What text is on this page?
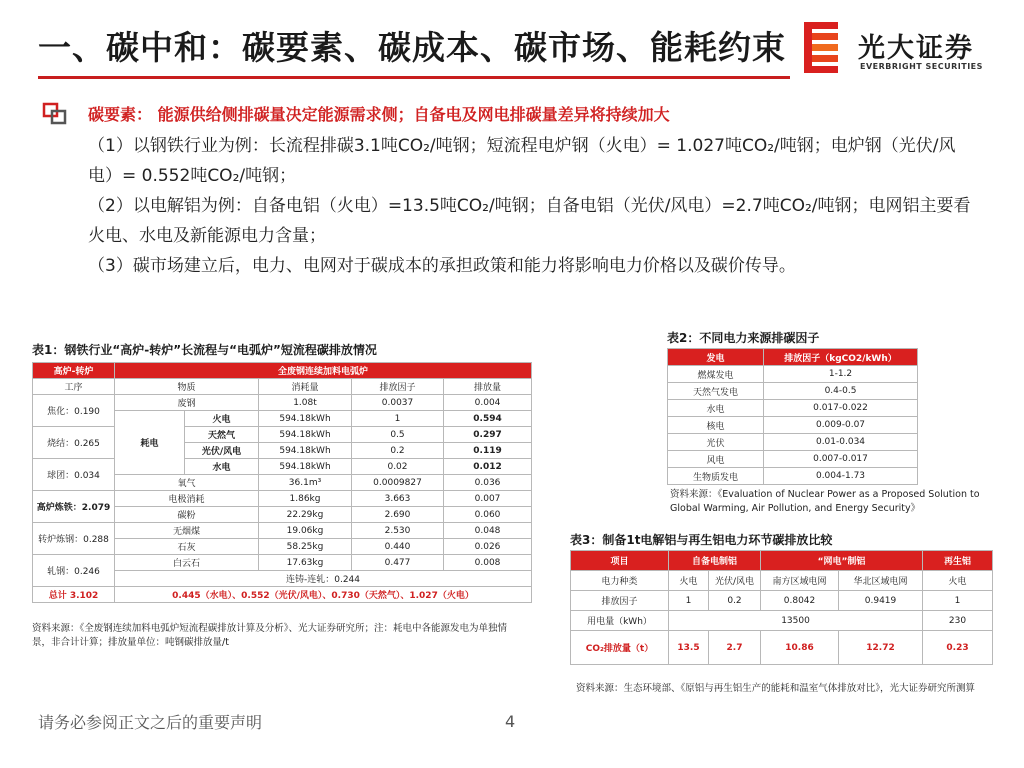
一、碳中和：碳要素、碳成本、碳市场、能耗约束	光大证券
EVERBRIGHT SECURITIES
碳要素： 能源供给侧排碳量决定能源需求侧；自备电及网电排碳量差异将持续加大

（1）以钢铁行业为例：长流程排碳3.1吨CO₂/吨钢；短流程电炉钢（火电）= 1.027吨CO₂/吨钢；电炉钢（光伏/风电）= 0.552吨CO₂/吨钢；

（2）以电解铝为例：自备电铝（火电）=13.5吨CO₂/吨钢；自备电铝（光伏/风电）=2.7吨CO₂/吨钢；电网铝主要看火电、水电及新能源电力含量；

（3）碳市场建立后，电力、电网对于碳成本的承担政策和能力将影响电力价格以及碳价传导。

表1：钢铁行业“高炉-转炉”长流程与“电弧炉”短流程碳排放情况
高炉-转炉	全废钢连续加料电弧炉				
工序	物质		消耗量	排放因子	排放量
焦化：0.190	废钢		1.08t	0.0037	0.004
	耗电	火电	594.18kWh	1	0.594
烧结：0.265		天然气	594.18kWh	0.5	0.297
		光伏/风电	594.18kWh	0.2	0.119
球团：0.034		水电	594.18kWh	0.02	0.012
	氧气		36.1m³	0.0009827	0.036
高炉炼铁：2.079	电极消耗		1.86kg	3.663	0.007
	碳粉		22.29kg	2.690	0.060
转炉炼钢：0.288	无烟煤		19.06kg	2.530	0.048
	石灰		58.25kg	0.440	0.026
轧钢：0.246	白云石		17.63kg	0.477	0.008
	连铸-连轧：0.244				
总计 3.102	0.445（水电）、0.552（光伏/风电）、0.730（天然气）、1.027（火电）				
资料来源：《全废钢连续加料电弧炉短流程碳排放计算及分析》、光大证券研究所；注：耗电中各能源发电为单独情景，非合计计算；排放量单位：吨钢碳排放量/t
表2：不同电力来源排碳因子
发电	排放因子（kgCO2/kWh）
燃煤发电	1-1.2
天然气发电	0.4-0.5
水电	0.017-0.022
核电	0.009-0.07
光伏	0.01-0.034
风电	0.007-0.017
生物质发电	0.004-1.73
资料来源：《Evaluation of Nuclear Power as a Proposed Solution to Global Warming, Air Pollution, and Energy Security》
表3：制备1t电解铝与再生铝电力环节碳排放比较
项目	自备电制铝		“网电”制铝		再生铝
电力种类	火电	光伏/风电	南方区域电网	华北区域电网	火电
排放因子	1	0.2	0.8042	0.9419	1
用电量（kWh）	13500				230
CO₂排放量（t）	13.5	2.7	10.86	12.72	0.23
资料来源：生态环境部、《原铝与再生铝生产的能耗和温室气体排放对比》，光大证券研究所测算
请务必参阅正文之后的重要声明	4
